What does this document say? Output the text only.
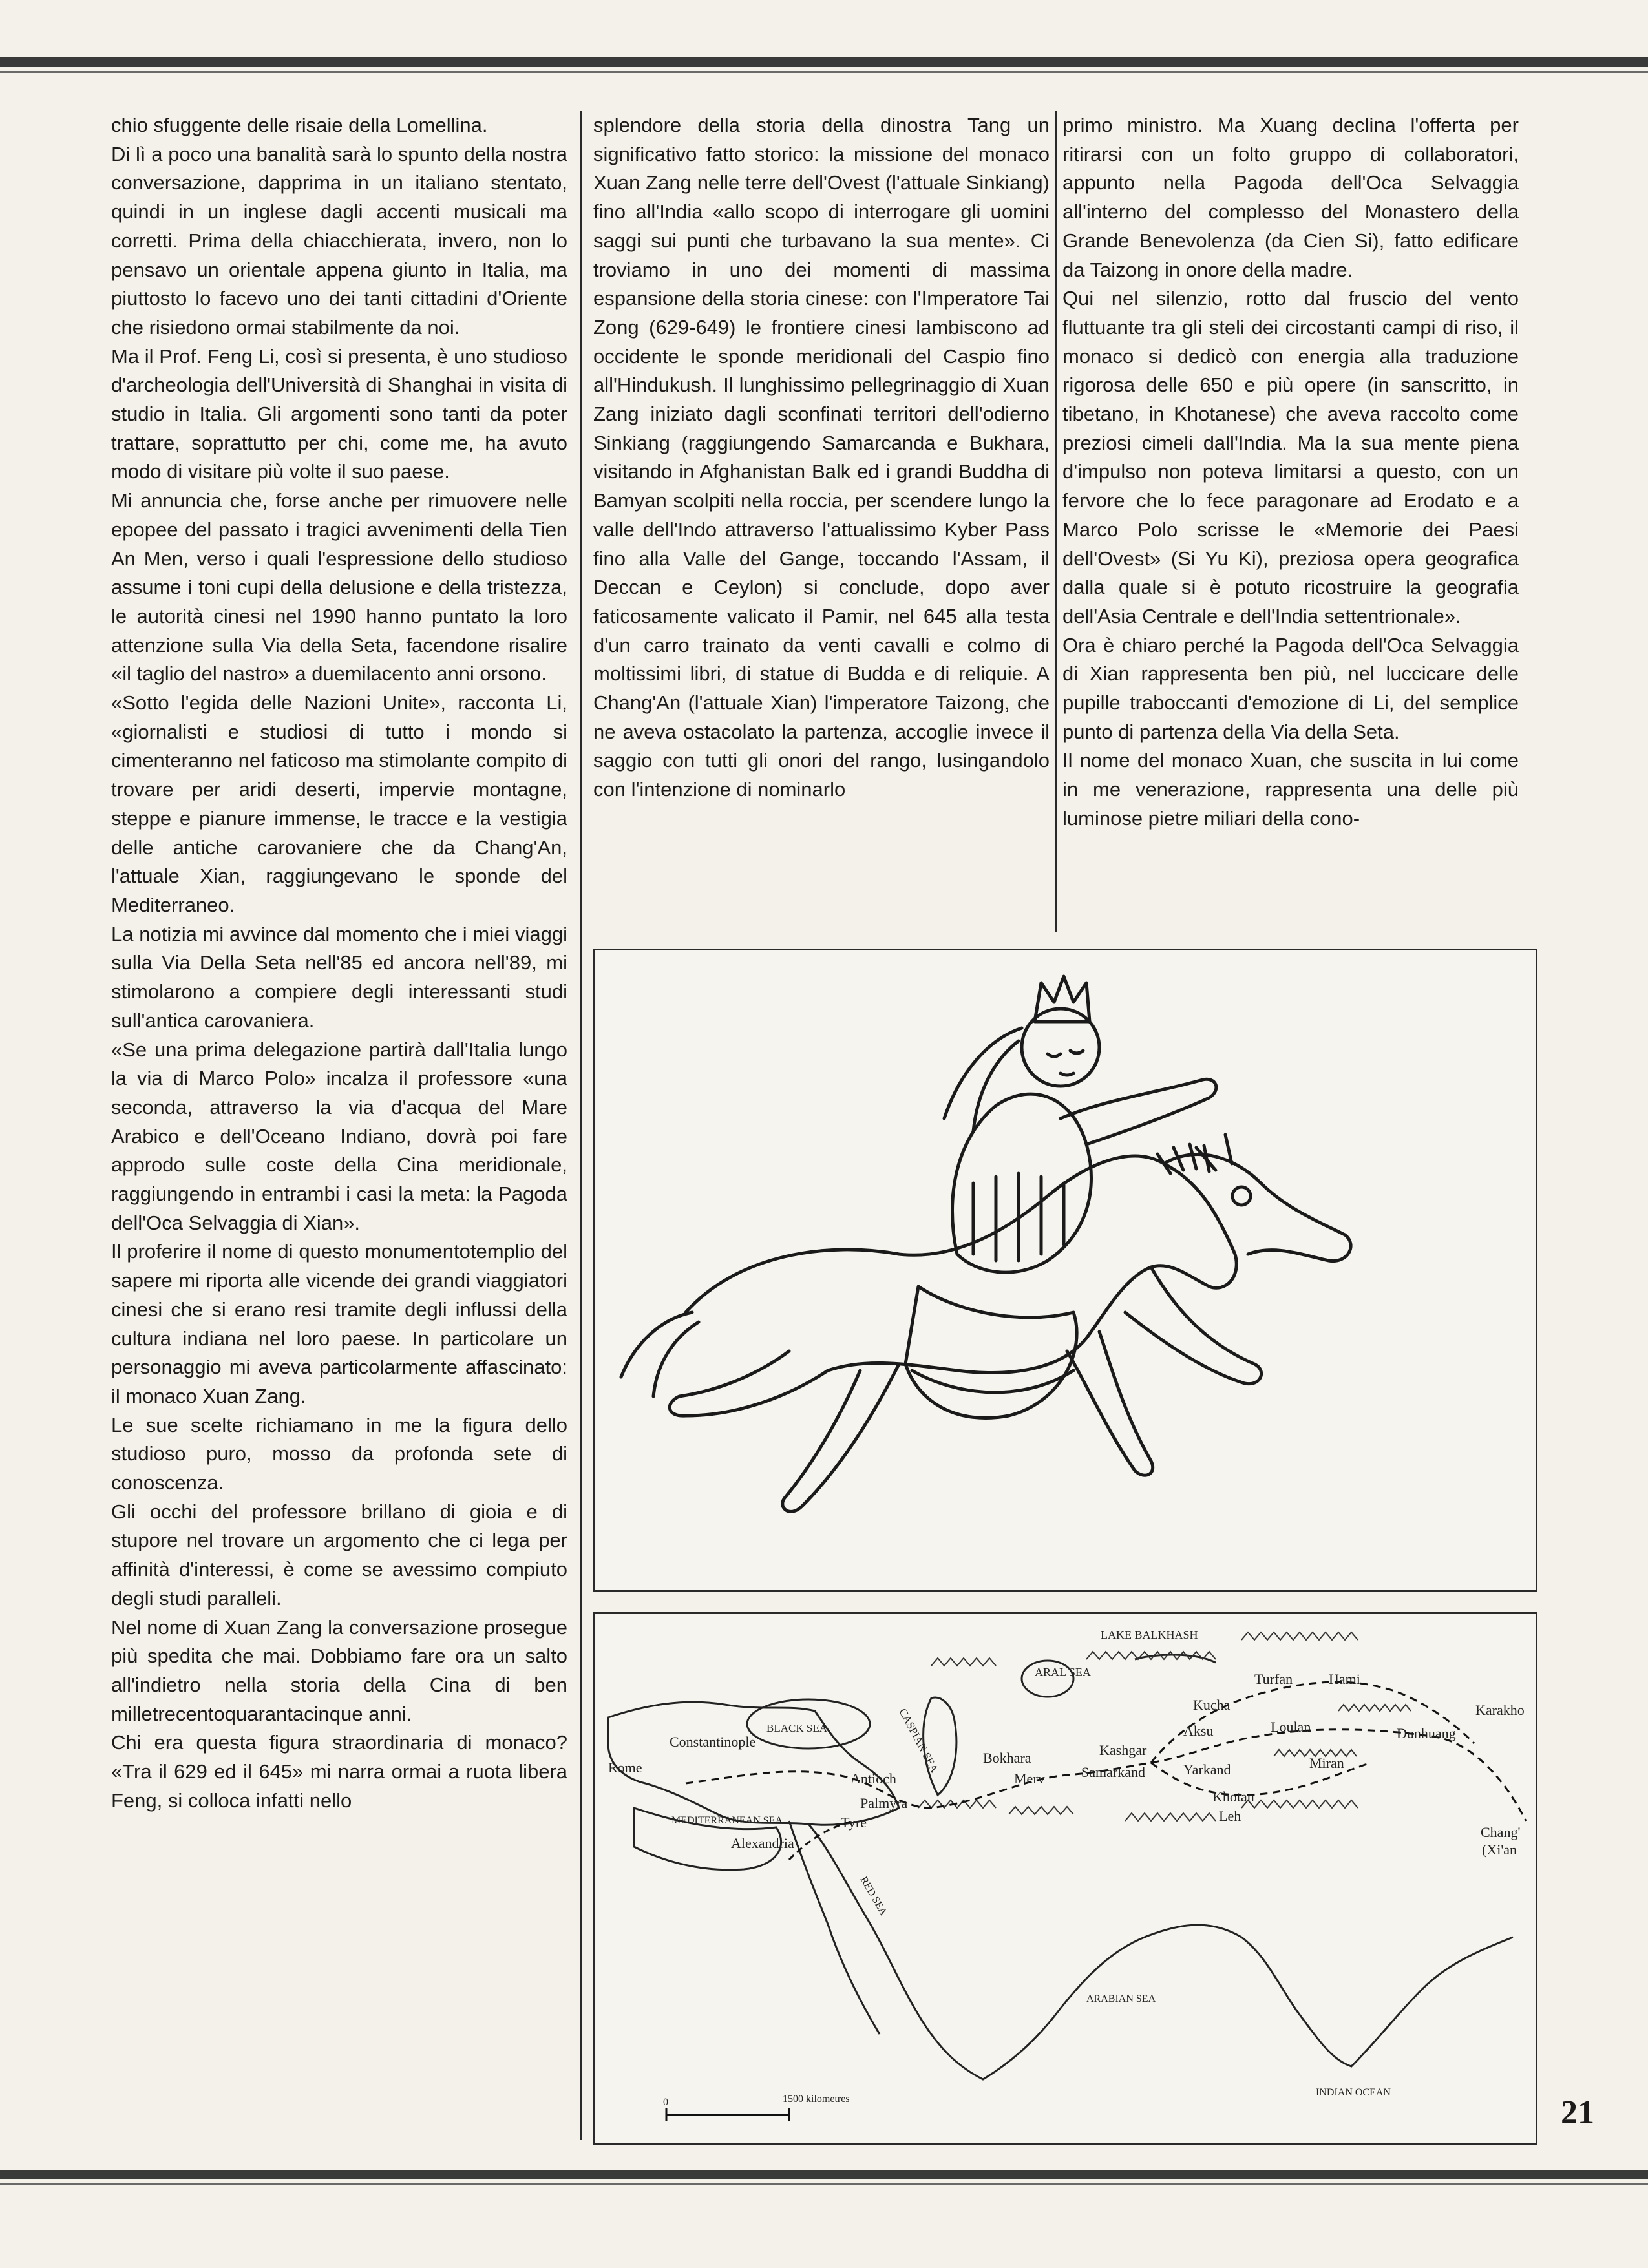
chio sfuggente delle risaie della Lomellina.

Di lì a poco una banalità sarà lo spunto della nostra conversazione, dapprima in un italiano stentato, quindi in un inglese dagli accenti musicali ma corretti. Prima della chiacchierata, invero, non lo pensavo un orientale appena giunto in Italia, ma piuttosto lo facevo uno dei tanti cittadini d'Oriente che risiedono ormai stabilmente da noi.

Ma il Prof. Feng Li, così si presenta, è uno studioso d'archeologia dell'Università di Shanghai in visita di studio in Italia. Gli argomenti sono tanti da poter trattare, soprattutto per chi, come me, ha avuto modo di visitare più volte il suo paese.

Mi annuncia che, forse anche per rimuovere nelle epopee del passato i tragici avvenimenti della Tien An Men, verso i quali l'espressione dello studioso assume i toni cupi della delusione e della tristezza, le autorità cinesi nel 1990 hanno puntato la loro attenzione sulla Via della Seta, facendone risalire «il taglio del nastro» a duemilacento anni orsono.

«Sotto l'egida delle Nazioni Unite», racconta Li, «giornalisti e studiosi di tutto i mondo si cimenteranno nel faticoso ma stimolante compito di trovare per aridi deserti, impervie montagne, steppe e pianure immense, le tracce e la vestigia delle antiche carovaniere che da Chang'An, l'attuale Xian, raggiungevano le sponde del Mediterraneo.

La notizia mi avvince dal momento che i miei viaggi sulla Via Della Seta nell'85 ed ancora nell'89, mi stimolarono a compiere degli interessanti studi sull'antica carovaniera.

«Se una prima delegazione partirà dall'Italia lungo la via di Marco Polo» incalza il professore «una seconda, attraverso la via d'acqua del Mare Arabico e dell'Oceano Indiano, dovrà poi fare approdo sulle coste della Cina meridionale, raggiungendo in entrambi i casi la meta: la Pagoda dell'Oca Selvaggia di Xian».

Il proferire il nome di questo monumentotemplio del sapere mi riporta alle vicende dei grandi viaggiatori cinesi che si erano resi tramite degli influssi della cultura indiana nel loro paese. In particolare un personaggio mi aveva particolarmente affascinato: il monaco Xuan Zang.

Le sue scelte richiamano in me la figura dello studioso puro, mosso da profonda sete di conoscenza.

Gli occhi del professore brillano di gioia e di stupore nel trovare un argomento che ci lega per affinità d'interessi, è come se avessimo compiuto degli studi paralleli.

Nel nome di Xuan Zang la conversazione prosegue più spedita che mai. Dobbiamo fare ora un salto all'indietro nella storia della Cina di ben milletrecentoquarantacinque anni.

Chi era questa figura straordinaria di monaco? «Tra il 629 ed il 645» mi narra ormai a ruota libera Feng, si colloca infatti nello

splendore della storia della dinostra Tang un significativo fatto storico: la missione del monaco Xuan Zang nelle terre dell'Ovest (l'attuale Sinkiang) fino all'India «allo scopo di interrogare gli uomini saggi sui punti che turbavano la sua mente». Ci troviamo in uno dei momenti di massima espansione della storia cinese: con l'Imperatore Tai Zong (629-649) le frontiere cinesi lambiscono ad occidente le sponde meridionali del Caspio fino all'Hindukush. Il lunghissimo pellegrinaggio di Xuan Zang iniziato dagli sconfinati territori dell'odierno Sinkiang (raggiungendo Samarcanda e Bukhara, visitando in Afghanistan Balk ed i grandi Buddha di Bamyan scolpiti nella roccia, per scendere lungo la valle dell'Indo attraverso l'attualissimo Kyber Pass fino alla Valle del Gange, toccando l'Assam, il Deccan e Ceylon) si conclude, dopo aver faticosamente valicato il Pamir, nel 645 alla testa d'un carro trainato da venti cavalli e colmo di moltissimi libri, di statue di Budda e di reliquie. A Chang'An (l'attuale Xian) l'imperatore Taizong, che ne aveva ostacolato la partenza, accoglie invece il saggio con tutti gli onori del rango, lusingandolo con l'intenzione di nominarlo

primo ministro. Ma Xuang declina l'offerta per ritirarsi con un folto gruppo di collaboratori, appunto nella Pagoda dell'Oca Selvaggia all'interno del complesso del Monastero della Grande Benevolenza (da Cien Si), fatto edificare da Taizong in onore della madre.

Qui nel silenzio, rotto dal fruscio del vento fluttuante tra gli steli dei circostanti campi di riso, il monaco si dedicò con energia alla traduzione rigorosa delle 650 e più opere (in sanscritto, in tibetano, in Khotanese) che aveva raccolto come preziosi cimeli dall'India. Ma la sua mente piena d'impulso non poteva limitarsi a questo, con un fervore che lo fece paragonare ad Erodato e a Marco Polo scrisse le «Memorie dei Paesi dell'Ovest» (Si Yu Ki), preziosa opera geografica dalla quale si è potuto ricostruire la geografia dell'Asia Centrale e dell'India settentrionale».

Ora è chiaro perché la Pagoda dell'Oca Selvaggia di Xian rappresenta ben più, nel luccicare delle pupille traboccanti d'emozione di Li, del semplice punto di partenza della Via della Seta.

Il nome del monaco Xuan, che suscita in lui come in me venerazione, rappresenta una delle più luminose pietre miliari della cono-

LAKE BALKHASH
ARAL SEA
CASPIAN SEA
BLACK SEA
MEDITERRANEAN SEA
RED SEA
ARABIAN SEA
INDIAN OCEAN
Constantinople
Rome
Antioch
Palmyra
Tyre
Alexandria
Bokhara
Merv	Samarkand
Kashgar
Yarkand
Khotan
Leh
Aksu
Kucha
Turfan	Hami
Loulan
Miran
Dunhuang
Karakho
Chang'
(Xi'an
0	1500 kilometres	21
